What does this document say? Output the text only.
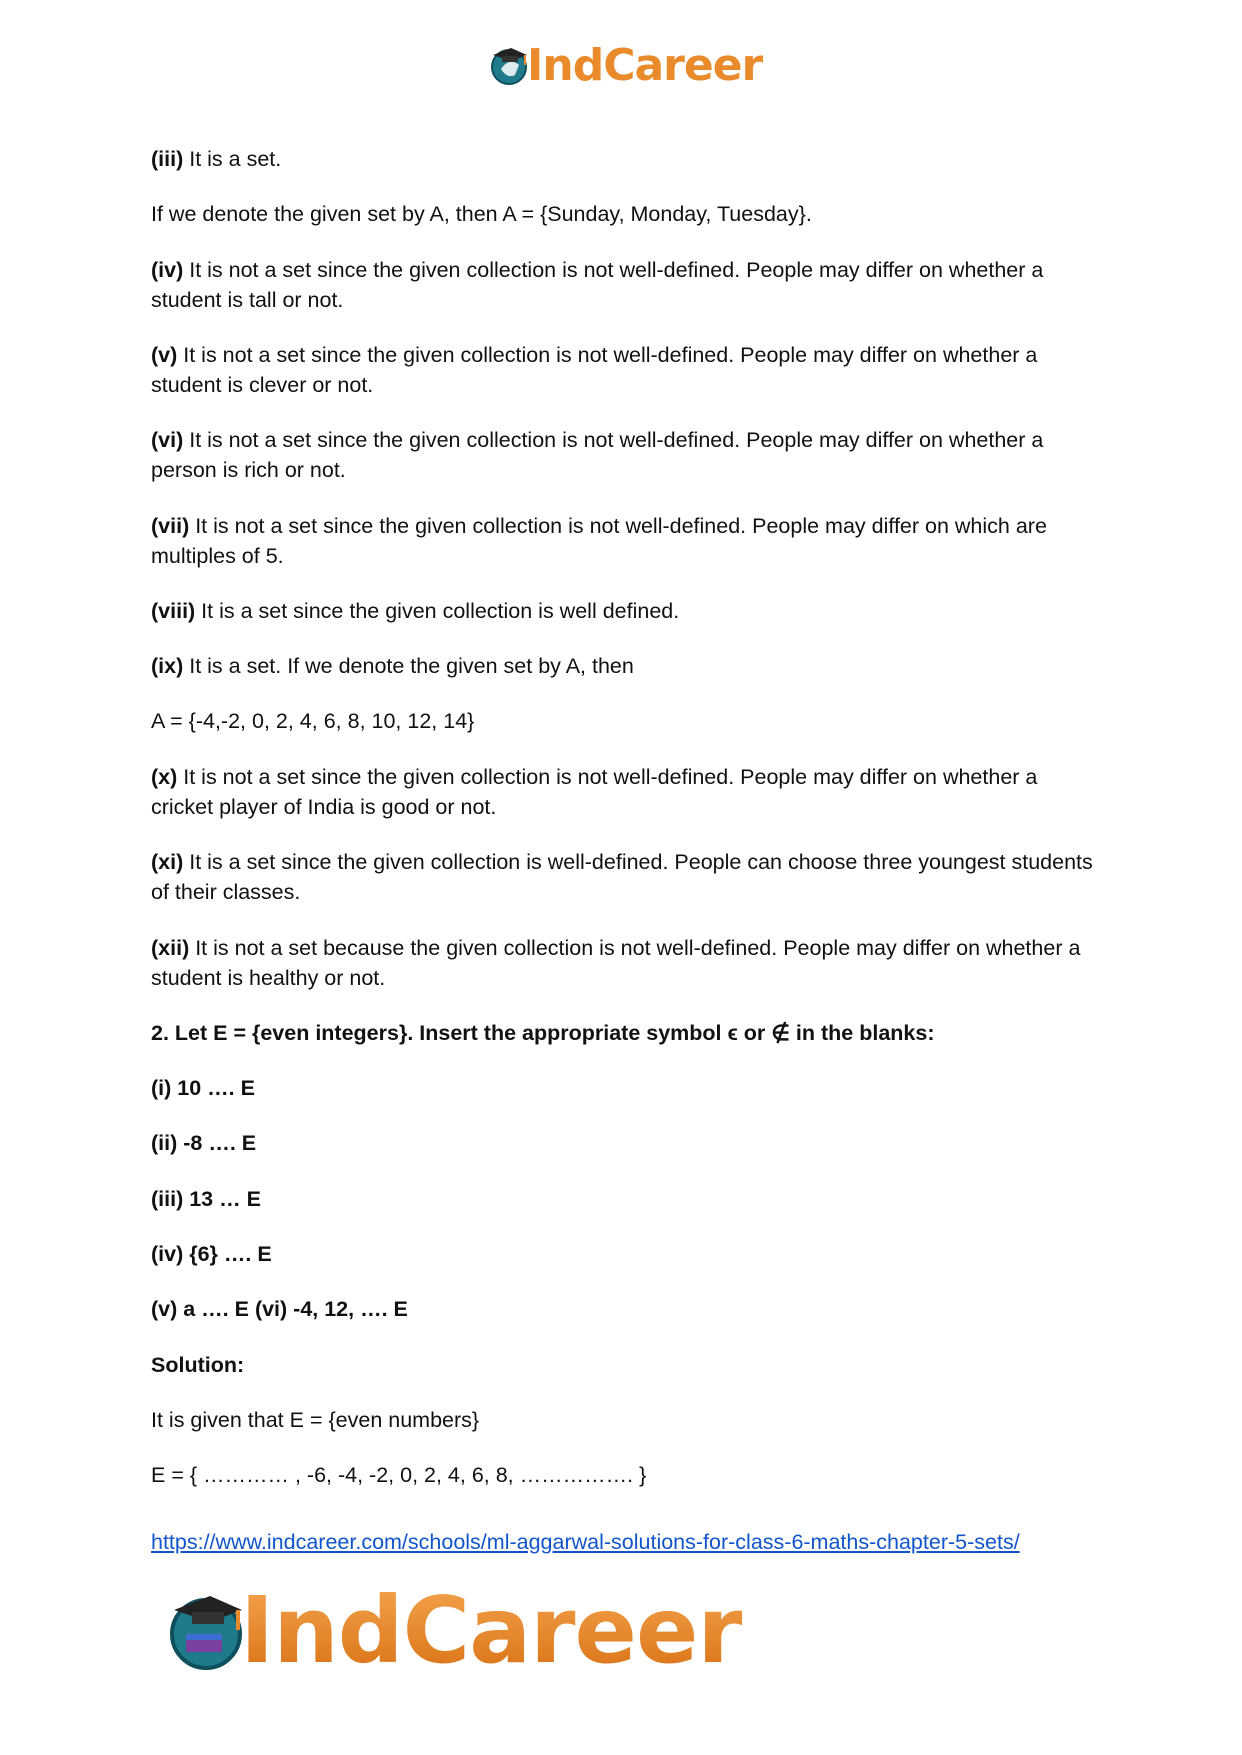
IndCareer

(iii) It is a set.

If we denote the given set by A, then A = {Sunday, Monday, Tuesday}.

(iv) It is not a set since the given collection is not well-defined. People may differ on whether a student is tall or not.

(v) It is not a set since the given collection is not well-defined. People may differ on whether a student is clever or not.

(vi) It is not a set since the given collection is not well-defined. People may differ on whether a person is rich or not.

(vii) It is not a set since the given collection is not well-defined. People may differ on which are multiples of 5.

(viii) It is a set since the given collection is well defined.

(ix) It is a set. If we denote the given set by A, then

A = {-4,-2, 0, 2, 4, 6, 8, 10, 12, 14}

(x) It is not a set since the given collection is not well-defined. People may differ on whether a cricket player of India is good or not.

(xi) It is a set since the given collection is well-defined. People can choose three youngest students of their classes.

(xii) It is not a set because the given collection is not well-defined. People may differ on whether a student is healthy or not.

2. Let E = {even integers}. Insert the appropriate symbol ϵ or ∉ in the blanks:

(i) 10 …. E

(ii) -8 …. E

(iii) 13 … E

(iv) {6} …. E

(v) a …. E (vi) -4, 12, …. E

Solution:

It is given that E = {even numbers}

E = { ………… , -6, -4, -2, 0, 2, 4, 6, 8, ……………. }

https://www.indcareer.com/schools/ml-aggarwal-solutions-for-class-6-maths-chapter-5-sets/

IndCareer
